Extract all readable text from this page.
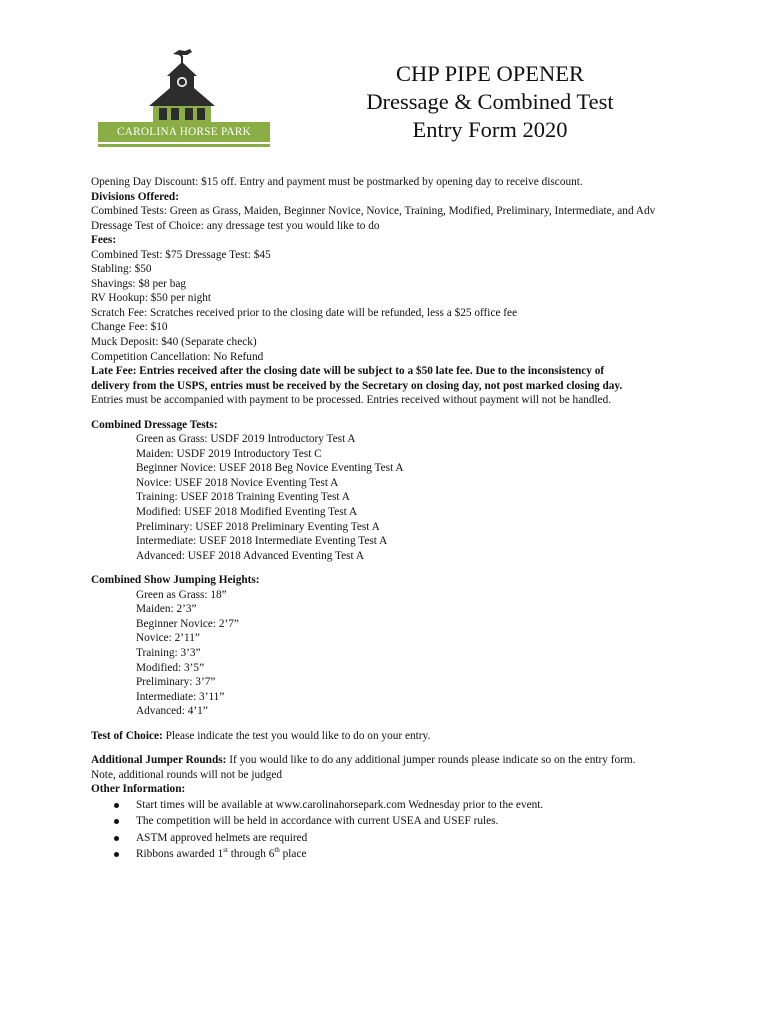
CAROLINA HORSE PARK
CHP PIPE OPENER
Dressage & Combined Test
Entry Form 2020
Opening Day Discount: $15 off. Entry and payment must be postmarked by opening day to receive discount.
Divisions Offered:
Combined Tests: Green as Grass, Maiden, Beginner Novice, Novice, Training, Modified, Preliminary, Intermediate, and Adv
Dressage Test of Choice: any dressage test you would like to do
Fees:
Combined Test: $75 Dressage Test: $45
Stabling: $50
Shavings: $8 per bag
RV Hookup: $50 per night
Scratch Fee: Scratches received prior to the closing date will be refunded, less a $25 office fee
Change Fee: $10
Muck Deposit: $40 (Separate check)
Competition Cancellation: No Refund
Late Fee: Entries received after the closing date will be subject to a $50 late fee. Due to the inconsistency of
delivery from the USPS, entries must be received by the Secretary on closing day, not post marked closing day.
Entries must be accompanied with payment to be processed. Entries received without payment will not be handled.
Combined Dressage Tests:
Green as Grass: USDF 2019 Introductory Test A
Maiden: USDF 2019 Introductory Test C
Beginner Novice: USEF 2018 Beg Novice Eventing Test A
Novice: USEF 2018 Novice Eventing Test A
Training: USEF 2018 Training Eventing Test A
Modified: USEF 2018 Modified Eventing Test A
Preliminary: USEF 2018 Preliminary Eventing Test A
Intermediate: USEF 2018 Intermediate Eventing Test A
Advanced: USEF 2018 Advanced Eventing Test A
Combined Show Jumping Heights:
Green as Grass: 18”
Maiden: 2’3”
Beginner Novice: 2’7”
Novice: 2’11”
Training: 3’3”
Modified: 3’5”
Preliminary: 3’7”
Intermediate: 3’11”
Advanced: 4’1”
Test of Choice: Please indicate the test you would like to do on your entry.
Additional Jumper Rounds: If you would like to do any additional jumper rounds please indicate so on the entry form.
Note, additional rounds will not be judged
Other Information:
Start times will be available at www.carolinahorsepark.com Wednesday prior to the event.
The competition will be held in accordance with current USEA and USEF rules.
ASTM approved helmets are required
Ribbons awarded 1st through 6th place
